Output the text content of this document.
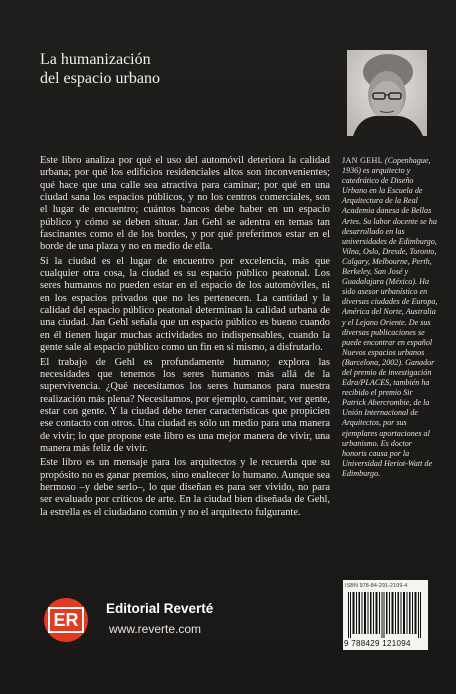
La humanización
del espacio urbano

Este libro analiza por qué el uso del automóvil deteriora la calidad urbana; por qué los edificios residenciales altos son inconvenientes; qué hace que una calle sea atractiva para caminar; por qué en una ciudad sana los espacios públicos, y no los centros comerciales, son el lugar de encuentro; cuántos bancos debe haber en un espacio público y cómo se deben situar. Jan Gehl se adentra en temas tan fascinantes como el de los bordes, y por qué preferimos estar en el borde de una plaza y no en medio de ella.

Si la ciudad es el lugar de encuentro por excelencia, más que cualquier otra cosa, la ciudad es su espacio público peatonal. Los seres humanos no pueden estar en el espacio de los automóviles, ni en los espacios privados que no les pertenecen. La cantidad y la calidad del espacio público peatonal determinan la calidad urbana de una ciudad. Jan Gehl señala que un espacio público es bueno cuando en él tienen lugar muchas actividades no indispensables, cuando la gente sale al espacio público como un fin en sí mismo, a disfrutarlo.

El trabajo de Gehl es profundamente humano; explora las necesidades que tenemos los seres humanos más allá de la supervivencia. ¿Qué necesitamos los seres humanos para nuestra realización más plena? Necesitamos, por ejemplo, caminar, ver gente, estar con gente. Y la ciudad debe tener características que propicien ese contacto con otros. Una ciudad es sólo un medio para una manera de vivir; lo que propone este libro es una mejor manera de vivir, una manera más feliz de vivir.

Este libro es un mensaje para los arquitectos y le recuerda que su propósito no es ganar premios, sino enaltecer lo humano. Aunque sea hermoso –y debe serlo–, lo que diseñan es para ser vivido, no para ser evaluado por críticos de arte. En la ciudad bien diseñada de Gehl, la estrella es el ciudadano común y no el arquitecto fulgurante.

JAN GEHL (Copenhague, 1936) es arquitecto y catedrático de Diseño Urbano en la Escuela de Arquitectura de la Real Academia danesa de Bellas Artes. Su labor docente se ha desarrollado en las universidades de Edimburgo, Vilna, Oslo, Dresde, Toronto, Calgary, Melbourne, Perth, Berkeley, San José y Guadalajara (México). Ha sido asesor urbanístico en diversas ciudades de Europa, América del Norte, Australia y el Lejano Oriente. De sus diversas publicaciones se puede encontrar en español Nuevos espacios urbanos (Barcelona, 2002). Ganador del premio de investigación Edra/PLACES, también ha recibido el premio Sir Patrick Abercrombie, de la Unión Internacional de Arquitectos, por sus ejemplares aportaciones al urbanismo. Es doctor honoris causa por la Universidad Heriot-Watt de Edimburgo.
ER
Editorial Reverté
www.reverte.com
ISBN 978-84-291-2109-4
9 788429 121094
